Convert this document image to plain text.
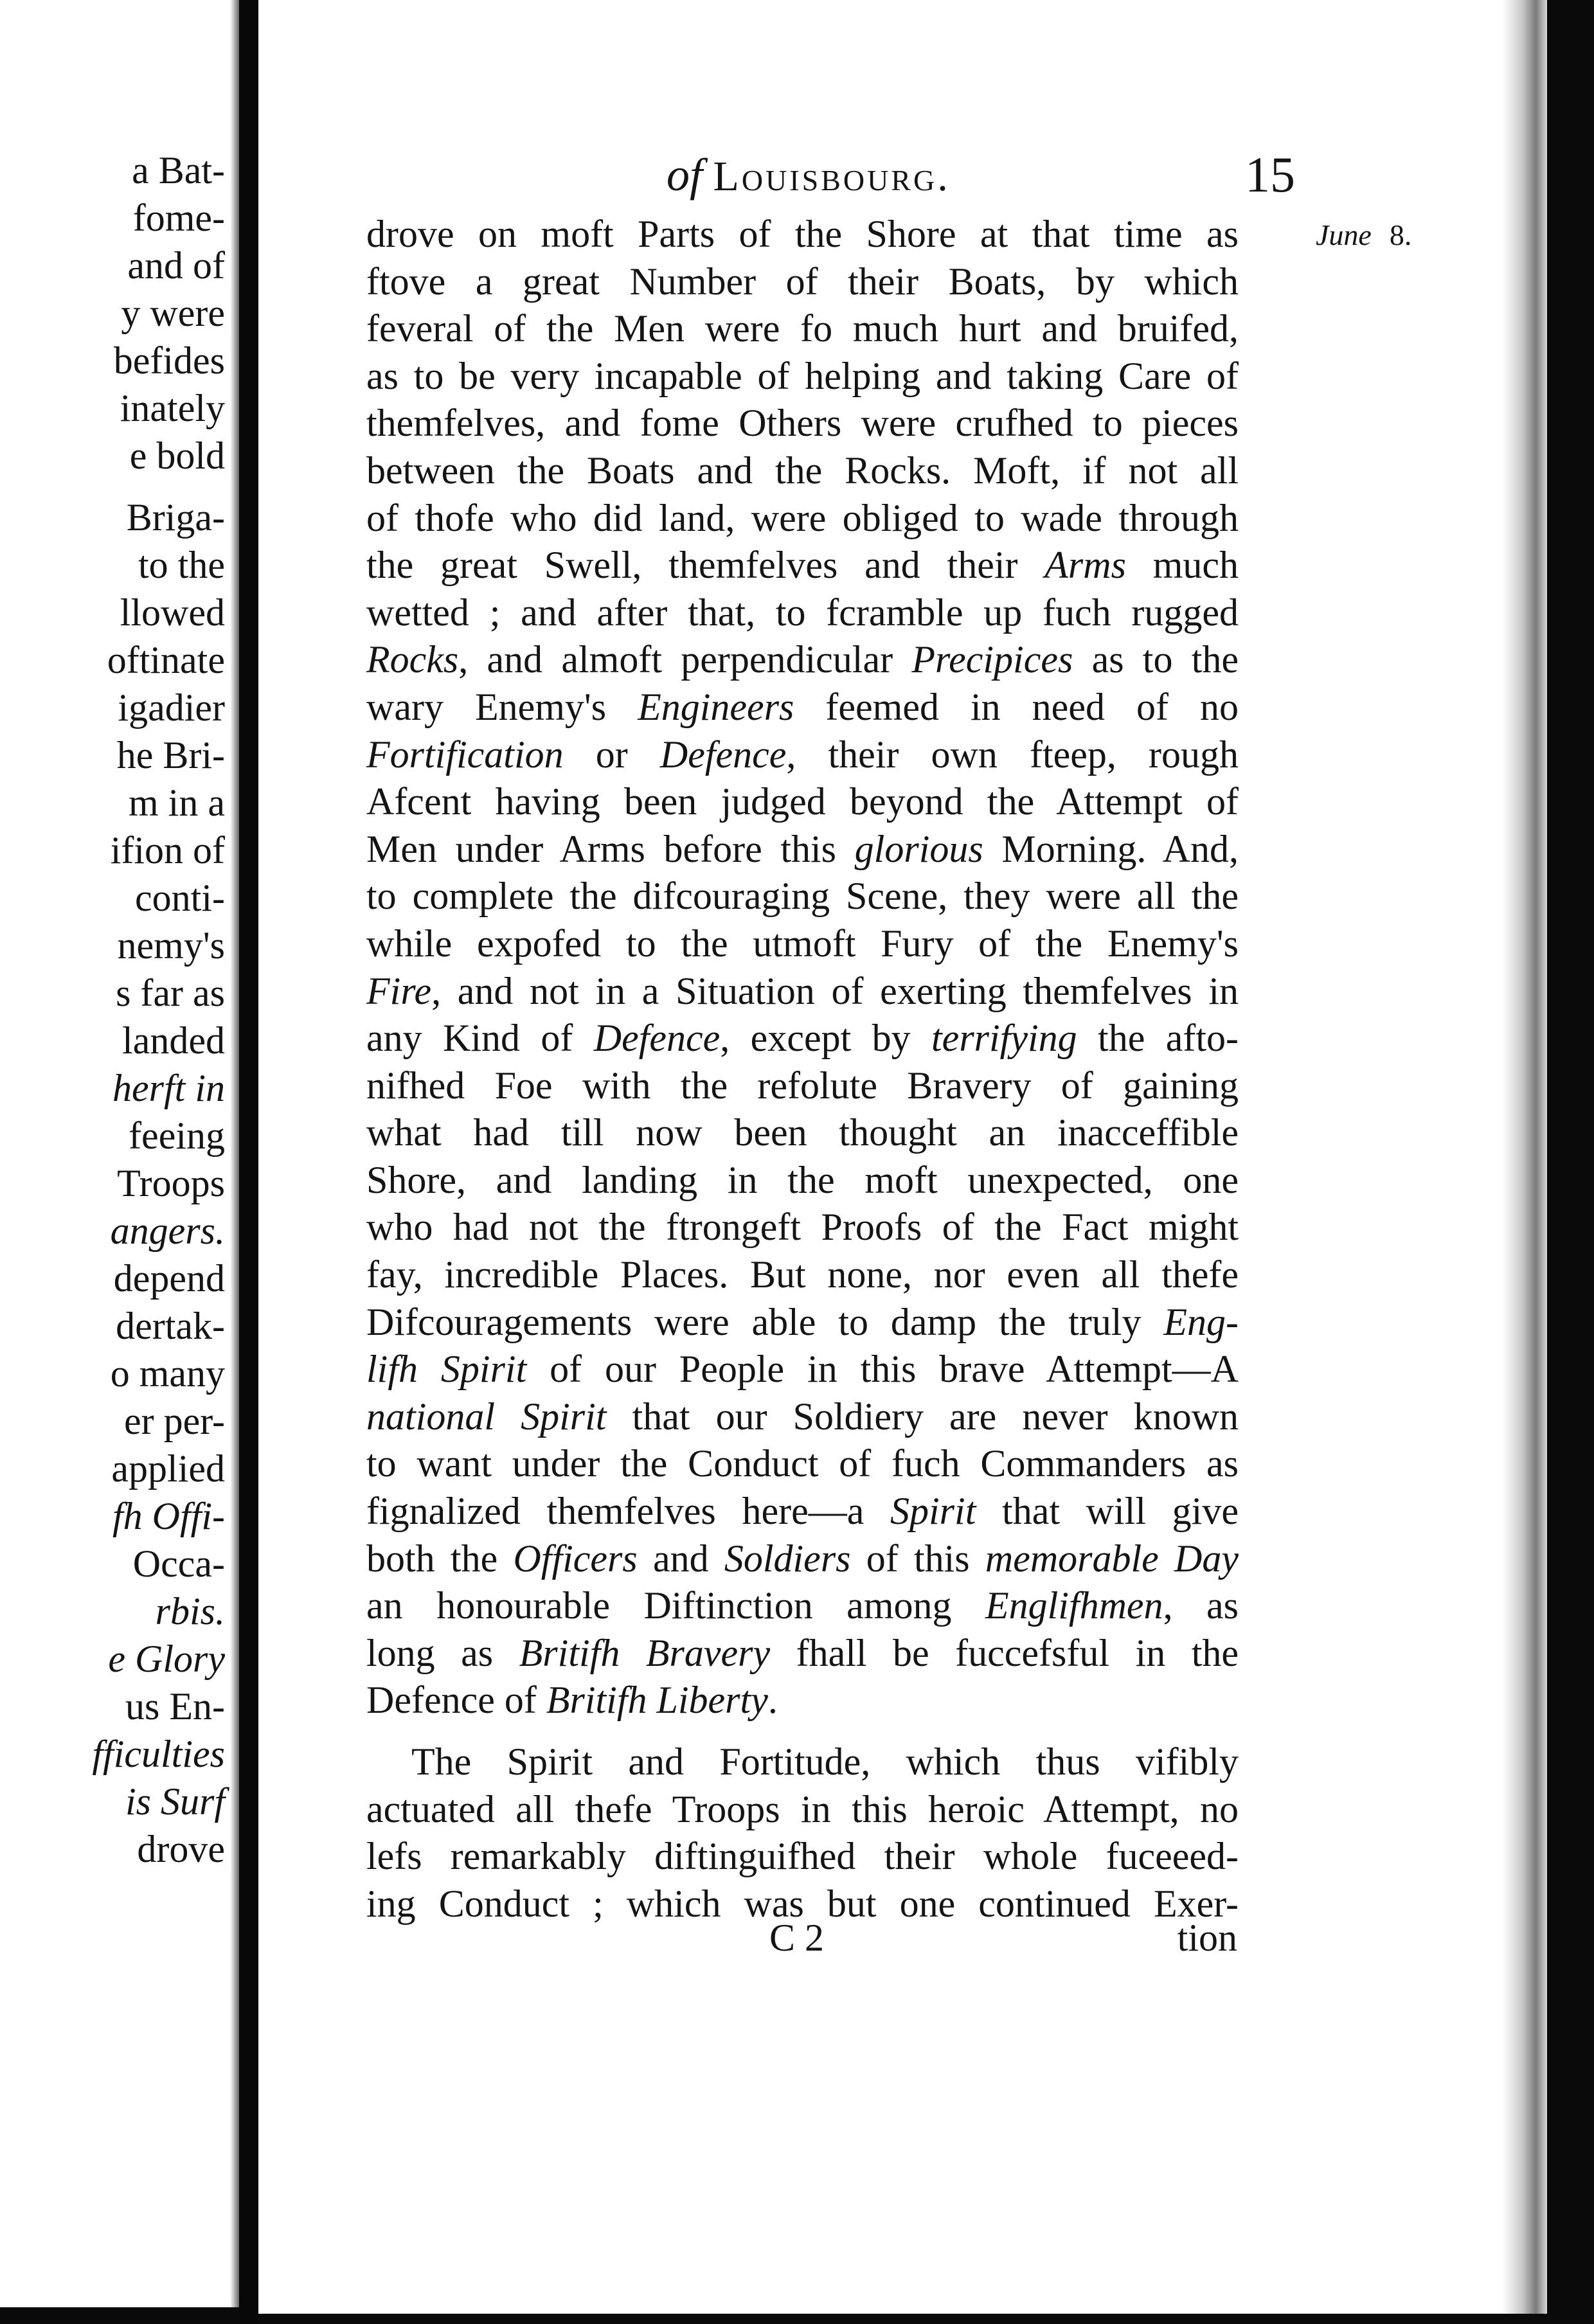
a Bat-
fome-
and of
y were
befides
inately
e bold
Briga-
to the
llowed
oftinate
igadier
he Bri-
m in a
ifion of
conti-
nemy's
s far as
landed
herft in
feeing
Troops
angers.
depend
dertak-
o many
er per-
applied
fh Offi-
Occa-
rbis.
e Glory
us En-
fficulties
is Surf
drove
of Louisbourg.	15
June 8.
drove on moft Parts of the Shore at that time as
ftove a great Number of their Boats, by which
feveral of the Men were fo much hurt and bruifed,
as to be very incapable of helping and taking Care of
themfelves, and fome Others were crufhed to pieces
between the Boats and the Rocks. Moft, if not all
of thofe who did land, were obliged to wade through
the great Swell, themfelves and their Arms much
wetted ; and after that, to fcramble up fuch rugged
Rocks, and almoft perpendicular Precipices as to the
wary Enemy's Engineers feemed in need of no
Fortification or Defence, their own fteep, rough
Afcent having been judged beyond the Attempt of
Men under Arms before this glorious Morning. And,
to complete the difcouraging Scene, they were all the
while expofed to the utmoft Fury of the Enemy's
Fire, and not in a Situation of exerting themfelves in
any Kind of Defence, except by terrifying the afto-
nifhed Foe with the refolute Bravery of gaining
what had till now been thought an inacceffible
Shore, and landing in the moft unexpected, one
who had not the ftrongeft Proofs of the Fact might
fay, incredible Places. But none, nor even all thefe
Difcouragements were able to damp the truly Eng-
lifh Spirit of our People in this brave Attempt—A
national Spirit that our Soldiery are never known
to want under the Conduct of fuch Commanders as
fignalized themfelves here—a Spirit that will give
both the Officers and Soldiers of this memorable Day
an honourable Diftinction among Englifhmen, as
long as Britifh Bravery fhall be fuccefsful in the
Defence of Britifh Liberty.
The Spirit and Fortitude, which thus vifibly
actuated all thefe Troops in this heroic Attempt, no
lefs remarkably diftinguifhed their whole fuceeed-
ing Conduct ; which was but one continued Exer-
C 2	tion
